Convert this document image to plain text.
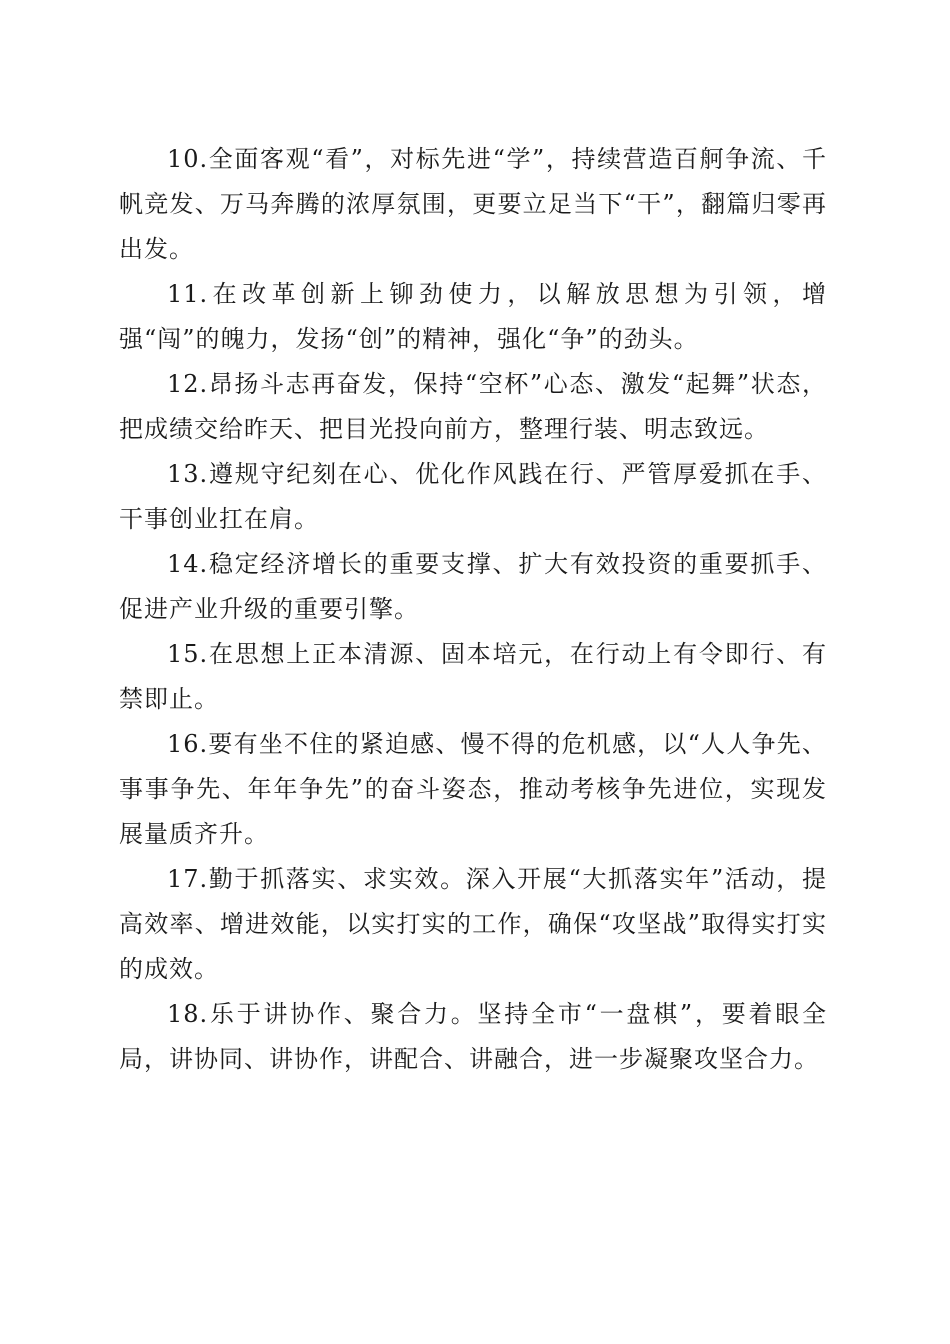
10.全面客观“看”，对标先进“学”，持续营造百舸争流、千帆竞发、万马奔腾的浓厚氛围，更要立足当下“干”，翻篇归零再出发。

11.在改革创新上铆劲使力，以解放思想为引领，增强“闯”的魄力，发扬“创”的精神，强化“争”的劲头。

12.昂扬斗志再奋发，保持“空杯”心态、激发“起舞”状态，把成绩交给昨天、把目光投向前方，整理行装、明志致远。

13.遵规守纪刻在心、优化作风践在行、严管厚爱抓在手、干事创业扛在肩。

14.稳定经济增长的重要支撑、扩大有效投资的重要抓手、促进产业升级的重要引擎。

15.在思想上正本清源、固本培元，在行动上有令即行、有禁即止。

16.要有坐不住的紧迫感、慢不得的危机感，以“人人争先、事事争先、年年争先”的奋斗姿态，推动考核争先进位，实现发展量质齐升。

17.勤于抓落实、求实效。深入开展“大抓落实年”活动，提高效率、增进效能，以实打实的工作，确保“攻坚战”取得实打实的成效。

18.乐于讲协作、聚合力。坚持全市“一盘棋”，要着眼全局，讲协同、讲协作，讲配合、讲融合，进一步凝聚攻坚合力。
